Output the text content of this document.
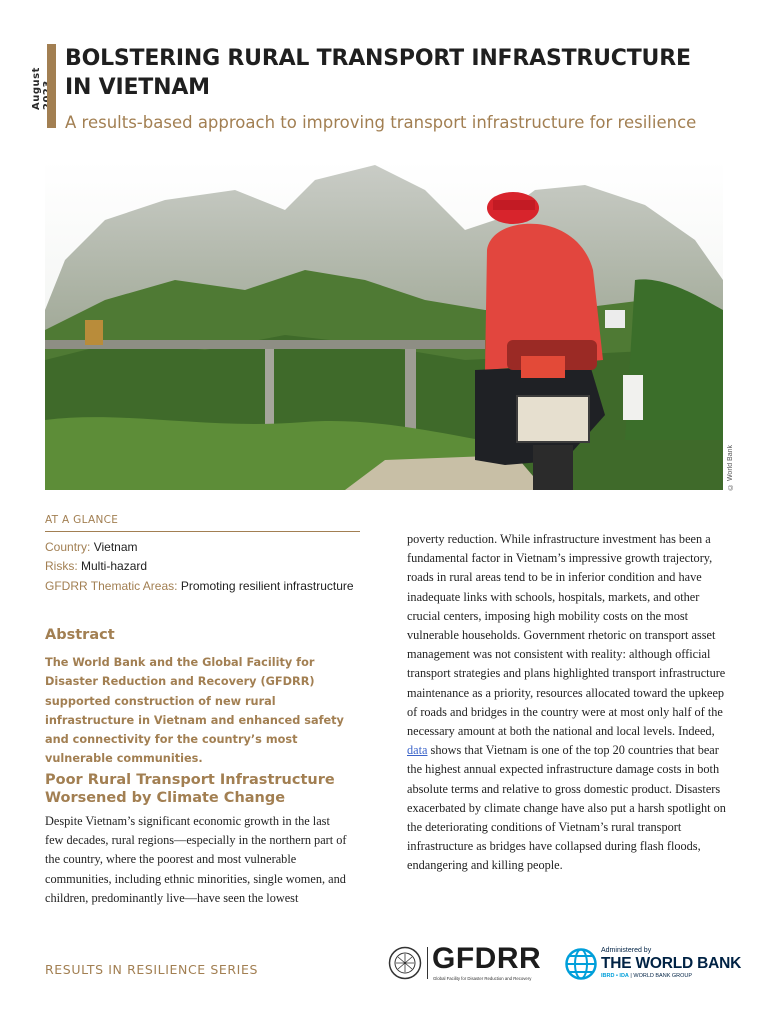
August
BOLSTERING RURAL TRANSPORT INFRASTRUCTURE
IN VIETNAM
A results-based approach to improving transport infrastructure for resilience
© World Bank
AT A GLANCE
Country: Vietnam
Risks: Multi-hazard
GFDRR Thematic Areas: Promoting resilient infrastructure
Abstract
The World Bank and the Global Facility for Disaster Reduction and Recovery (GFDRR) supported construction of new rural infrastructure in Vietnam and enhanced safety and connectivity for the country’s most vulnerable communities.
Poor Rural Transport Infrastructure Worsened by Climate Change
Despite Vietnam’s significant economic growth in the last few decades, rural regions—especially in the northern part of the country, where the poorest and most vulnerable communities, including ethnic minorities, single women, and children, predominantly live—have seen the lowest
poverty reduction. While infrastructure investment has been a fundamental factor in Vietnam’s impressive growth trajectory, roads in rural areas tend to be in inferior condition and have inadequate links with schools, hospitals, markets, and other crucial centers, imposing high mobility costs on the most vulnerable households. Government rhetoric on transport asset management was not consistent with reality: although official transport strategies and plans highlighted transport infrastructure maintenance as a priority, resources allocated toward the upkeep of roads and bridges in the country were at most only half of the necessary amount at both the national and local levels. Indeed, data shows that Vietnam is one of the top 20 countries that bear the highest annual expected infrastructure damage costs in both absolute terms and relative to gross domestic product. Disasters exacerbated by climate change have also put a harsh spotlight on the deteriorating conditions of Vietnam’s rural transport infrastructure as bridges have collapsed during flash floods, endangering and killing people.
RESULTS IN RESILIENCE SERIES	GFDRR
Global Facility for Disaster Reduction and Recovery
Administered by
THE WORLD BANK
IBRD • IDA | WORLD BANK GROUP
